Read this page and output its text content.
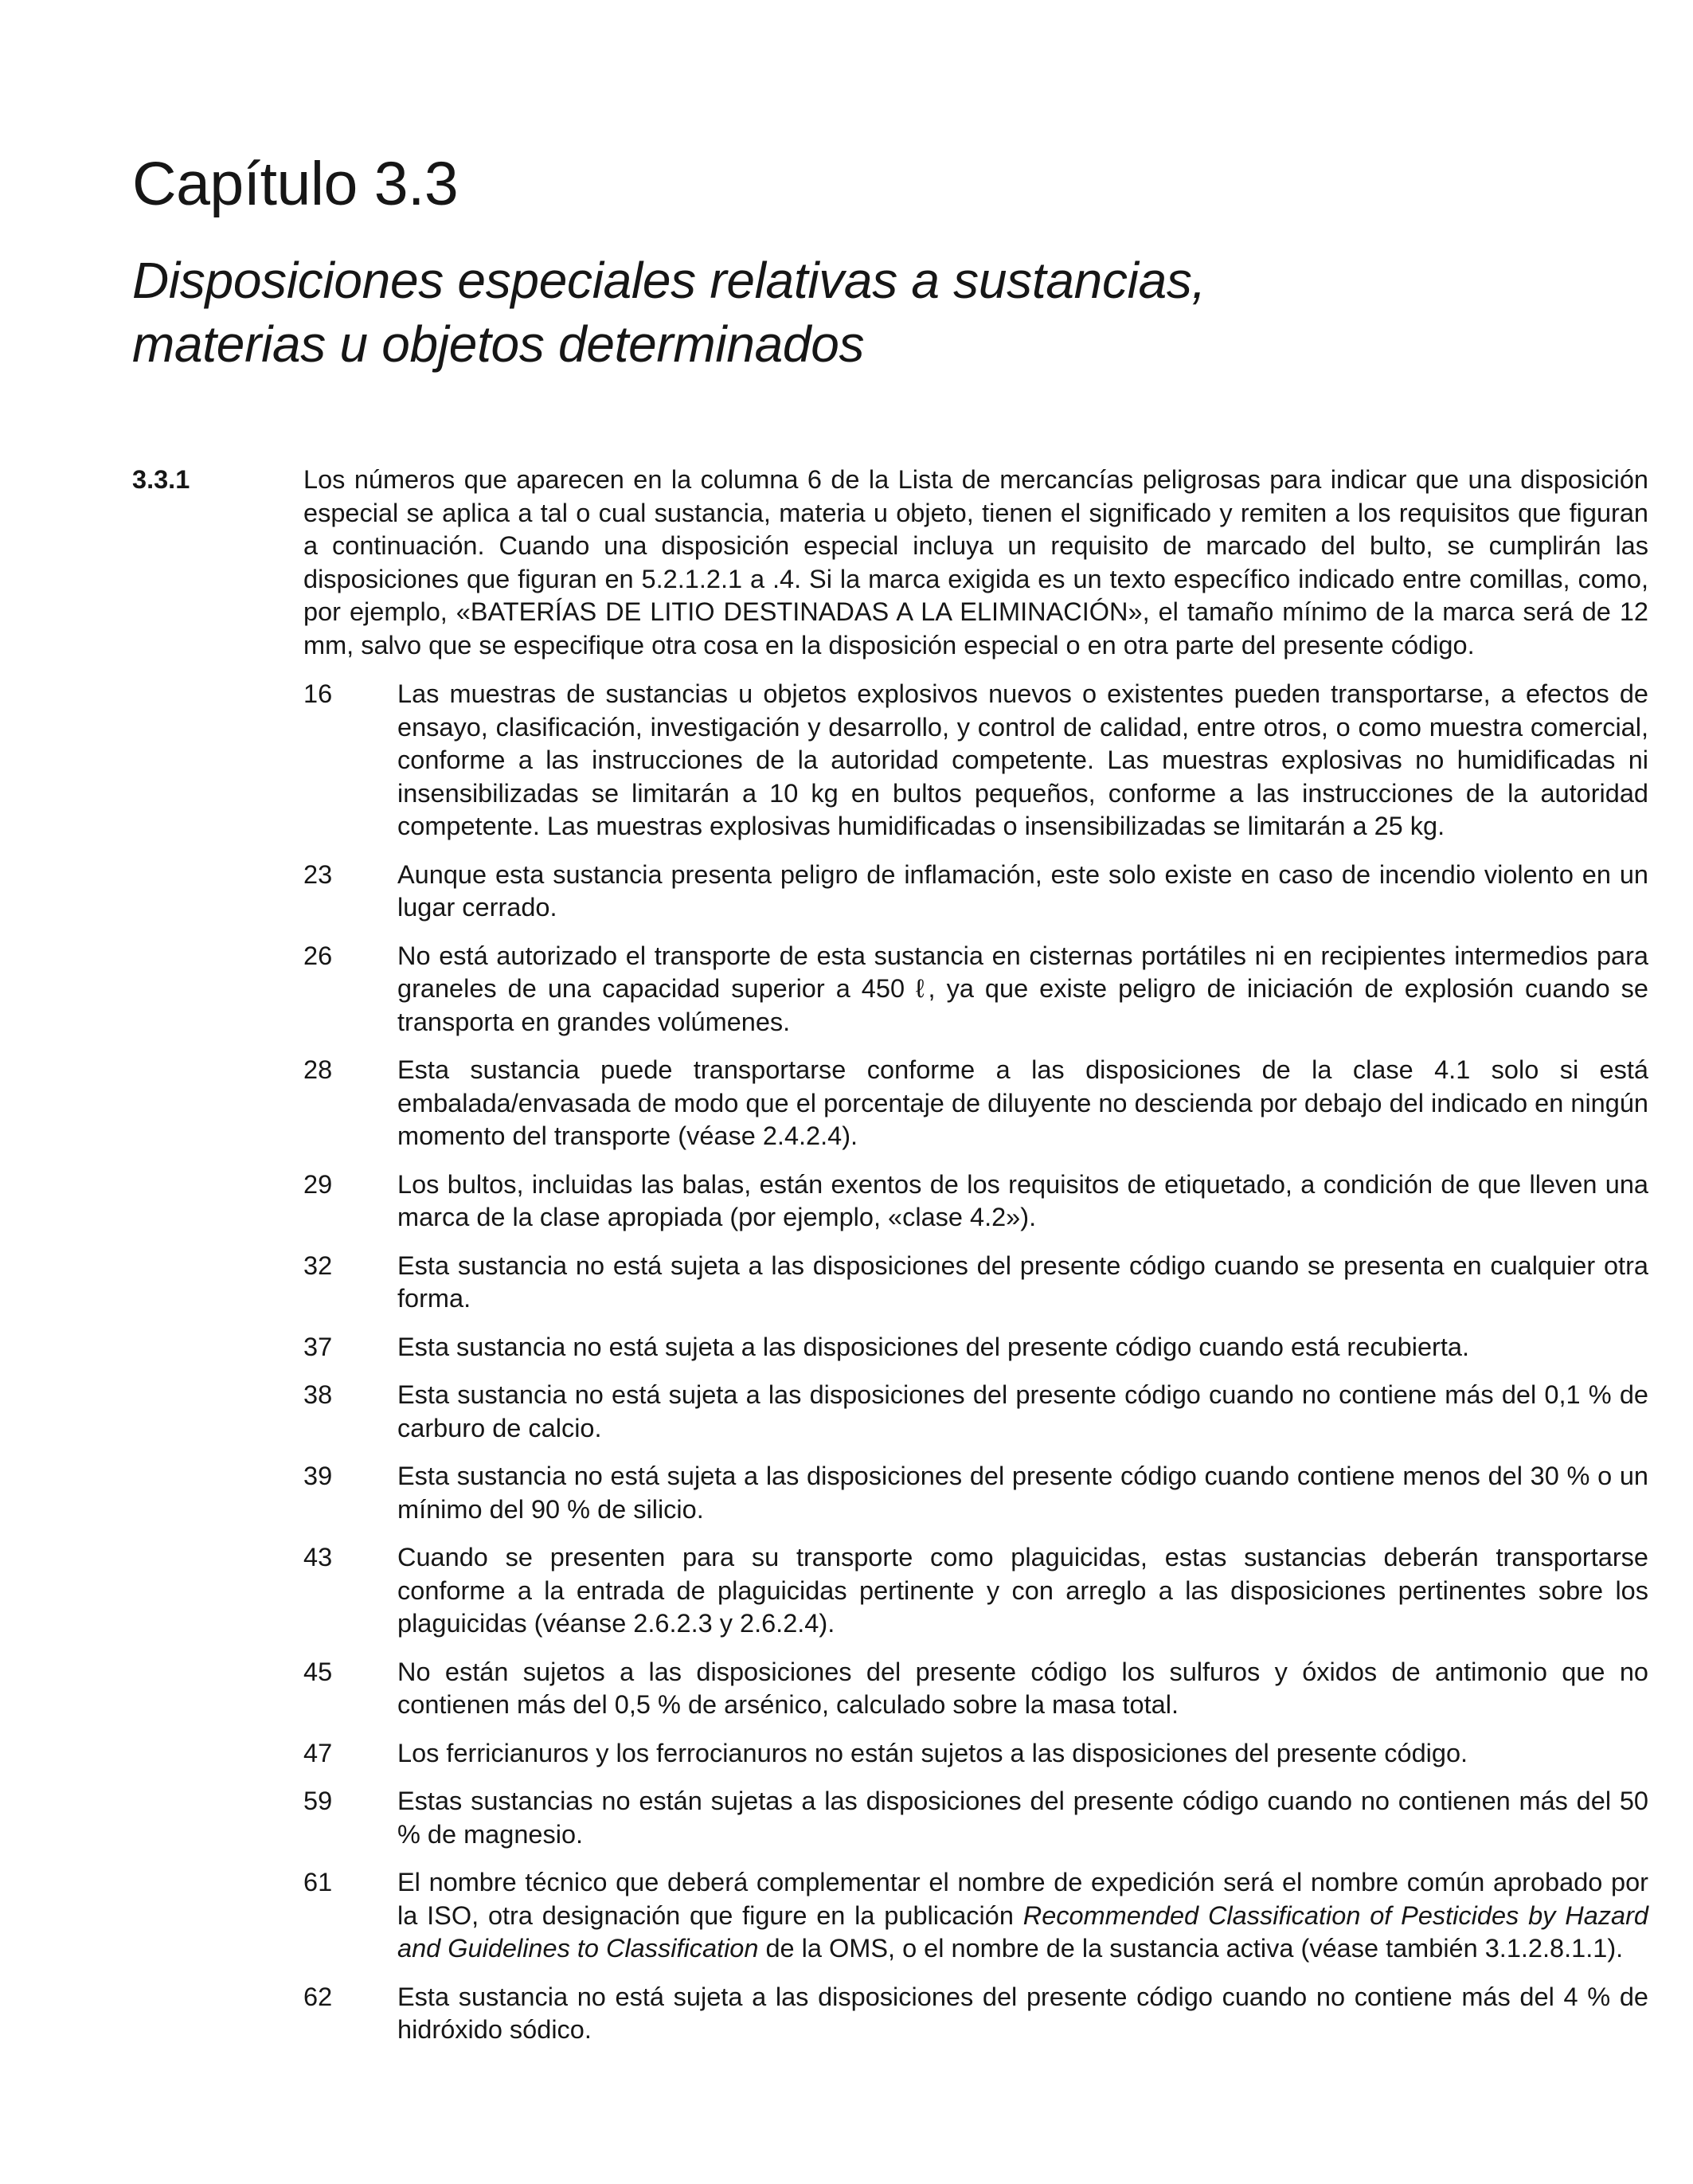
Capítulo 3.3
Disposiciones especiales relativas a sustancias,
materias u objetos determinados
3.3.1	Los números que aparecen en la columna 6 de la Lista de mercancías peligrosas para indicar que una disposición especial se aplica a tal o cual sustancia, materia u objeto, tienen el significado y remiten a los requisitos que figuran a continuación. Cuando una disposición especial incluya un requisito de marcado del bulto, se cumplirán las disposiciones que figuran en 5.2.1.2.1 a .4. Si la marca exigida es un texto específico indicado entre comillas, como, por ejemplo, «BATERÍAS DE LITIO DESTINADAS A LA ELIMINACIÓN», el tamaño mínimo de la marca será de 12 mm, salvo que se especifique otra cosa en la disposición especial o en otra parte del presente código.
16	Las muestras de sustancias u objetos explosivos nuevos o existentes pueden transportarse, a efectos de ensayo, clasificación, investigación y desarrollo, y control de calidad, entre otros, o como muestra comercial, conforme a las instrucciones de la autoridad competente. Las muestras explosivas no humidificadas ni insensibilizadas se limitarán a 10 kg en bultos pequeños, conforme a las instrucciones de la autoridad competente. Las muestras explosivas humidificadas o insensibilizadas se limitarán a 25 kg.
23	Aunque esta sustancia presenta peligro de inflamación, este solo existe en caso de incendio violento en un lugar cerrado.
26	No está autorizado el transporte de esta sustancia en cisternas portátiles ni en recipientes intermedios para graneles de una capacidad superior a 450 ℓ, ya que existe peligro de iniciación de explosión cuando se transporta en grandes volúmenes.
28	Esta sustancia puede transportarse conforme a las disposiciones de la clase 4.1 solo si está embalada/envasada de modo que el porcentaje de diluyente no descienda por debajo del indicado en ningún momento del transporte (véase 2.4.2.4).
29	Los bultos, incluidas las balas, están exentos de los requisitos de etiquetado, a condición de que lleven una marca de la clase apropiada (por ejemplo, «clase 4.2»).
32	Esta sustancia no está sujeta a las disposiciones del presente código cuando se presenta en cualquier otra forma.
37	Esta sustancia no está sujeta a las disposiciones del presente código cuando está recubierta.
38	Esta sustancia no está sujeta a las disposiciones del presente código cuando no contiene más del 0,1 % de carburo de calcio.
39	Esta sustancia no está sujeta a las disposiciones del presente código cuando contiene menos del 30 % o un mínimo del 90 % de silicio.
43	Cuando se presenten para su transporte como plaguicidas, estas sustancias deberán transportarse conforme a la entrada de plaguicidas pertinente y con arreglo a las disposiciones pertinentes sobre los plaguicidas (véanse 2.6.2.3 y 2.6.2.4).
45	No están sujetos a las disposiciones del presente código los sulfuros y óxidos de antimonio que no contienen más del 0,5 % de arsénico, calculado sobre la masa total.
47	Los ferricianuros y los ferrocianuros no están sujetos a las disposiciones del presente código.
59	Estas sustancias no están sujetas a las disposiciones del presente código cuando no contienen más del 50 % de magnesio.
61	El nombre técnico que deberá complementar el nombre de expedición será el nombre común aprobado por la ISO, otra designación que figure en la publicación Recommended Classification of Pesticides by Hazard and Guidelines to Classification de la OMS, o el nombre de la sustancia activa (véase también 3.1.2.8.1.1).
62	Esta sustancia no está sujeta a las disposiciones del presente código cuando no contiene más del 4 % de hidróxido sódico.
